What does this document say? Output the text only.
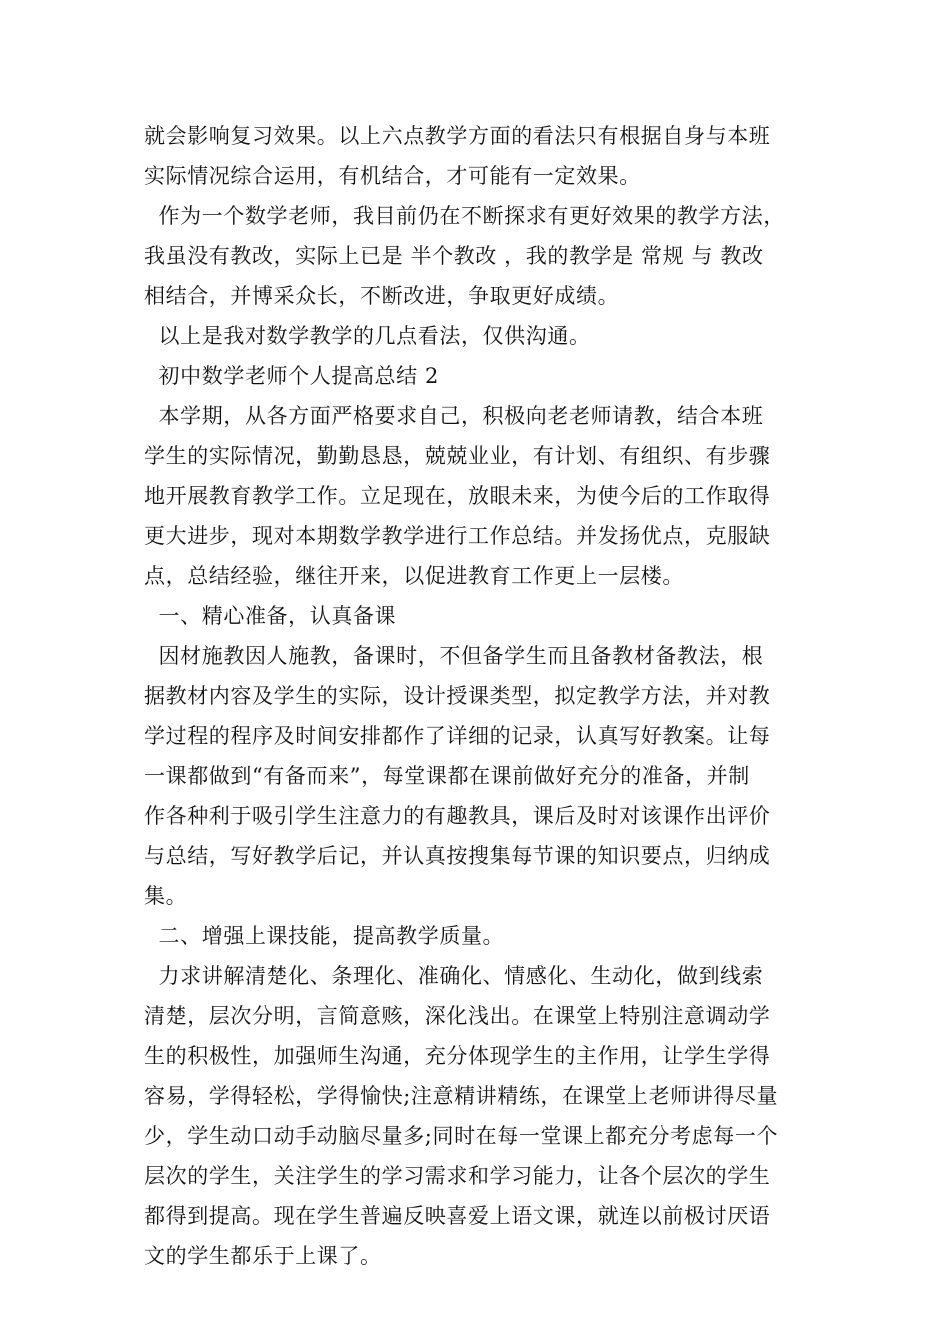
就会影响复习效果。以上六点教学方面的看法只有根据自身与本班
实际情况综合运用，有机结合，才可能有一定效果。
作为一个数学老师，我目前仍在不断探求有更好效果的教学方法，
我虽没有教改，实际上已是 半个教改 ，我的教学是 常规 与 教改
相结合，并博采众长，不断改进，争取更好成绩。
以上是我对数学教学的几点看法，仅供沟通。
初中数学老师个人提高总结 2
本学期，从各方面严格要求自己，积极向老老师请教，结合本班
学生的实际情况，勤勤恳恳，兢兢业业，有计划、有组织、有步骤
地开展教育教学工作。立足现在，放眼未来，为使今后的工作取得
更大进步，现对本期数学教学进行工作总结。并发扬优点，克服缺
点，总结经验，继往开来，以促进教育工作更上一层楼。
一、精心准备，认真备课
因材施教因人施教，备课时，不但备学生而且备教材备教法，根
据教材内容及学生的实际，设计授课类型，拟定教学方法，并对教
学过程的程序及时间安排都作了详细的记录，认真写好教案。让每
一课都做到“有备而来”，每堂课都在课前做好充分的准备，并制
作各种利于吸引学生注意力的有趣教具，课后及时对该课作出评价
与总结，写好教学后记，并认真按搜集每节课的知识要点，归纳成
集。
二、增强上课技能，提高教学质量。
力求讲解清楚化、条理化、准确化、情感化、生动化，做到线索
清楚，层次分明，言简意赅，深化浅出。在课堂上特别注意调动学
生的积极性，加强师生沟通，充分体现学生的主作用，让学生学得
容易，学得轻松，学得愉快;注意精讲精练，在课堂上老师讲得尽量
少，学生动口动手动脑尽量多;同时在每一堂课上都充分考虑每一个
层次的学生，关注学生的学习需求和学习能力，让各个层次的学生
都得到提高。现在学生普遍反映喜爱上语文课，就连以前极讨厌语
文的学生都乐于上课了。
